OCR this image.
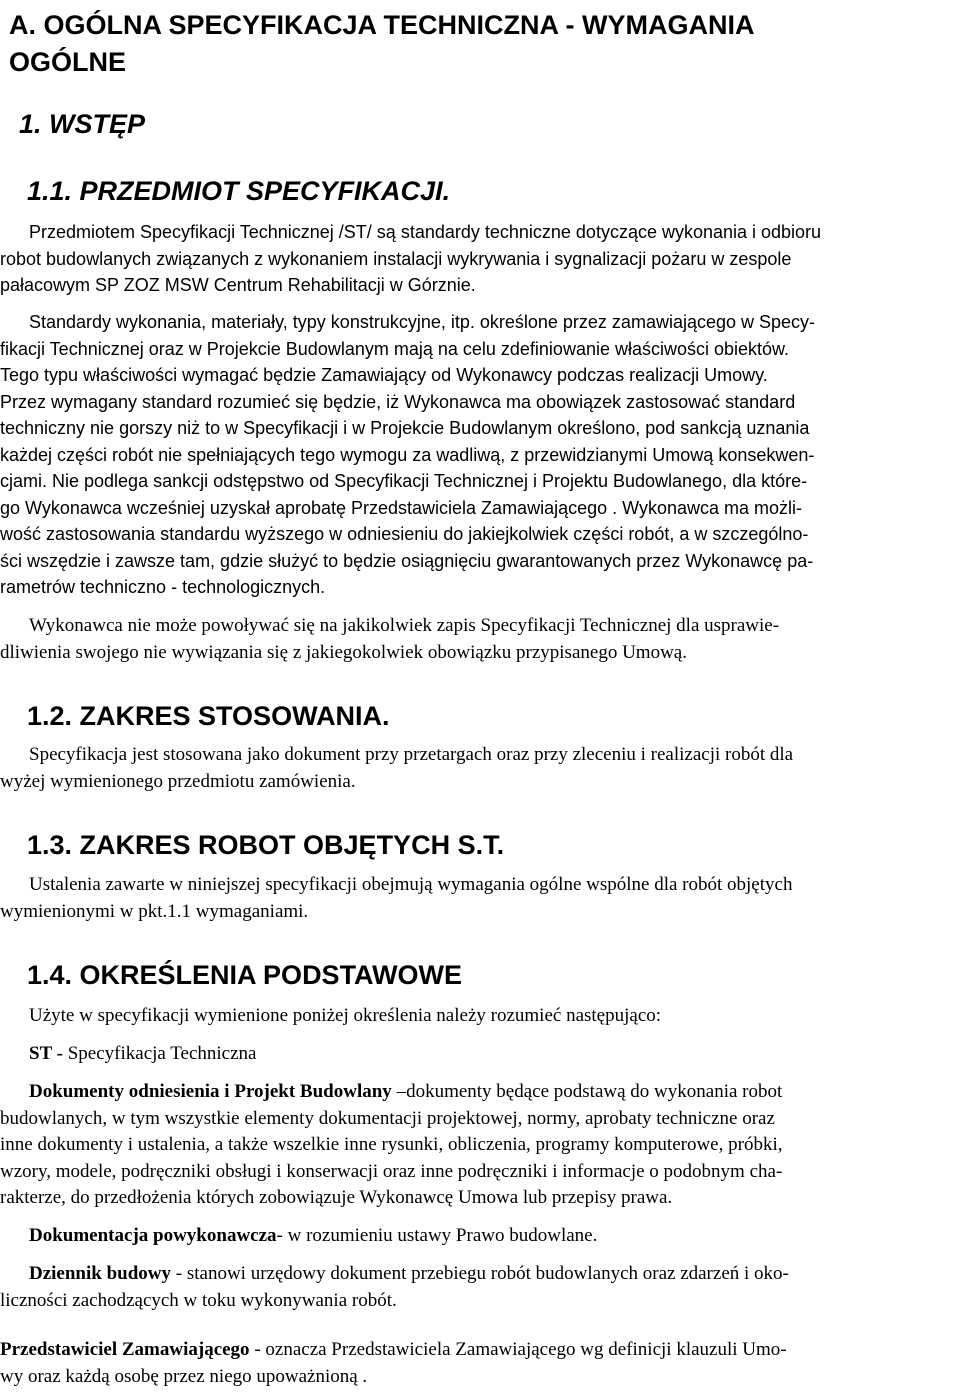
A. OGÓLNA SPECYFIKACJA TECHNICZNA - WYMAGANIA
OGÓLNE
1. WSTĘP
1.1. PRZEDMIOT SPECYFIKACJI.
Przedmiotem Specyfikacji Technicznej /ST/ są standardy techniczne dotyczące wykonania i odbioru
robot budowlanych związanych z wykonaniem instalacji wykrywania i sygnalizacji pożaru w zespole
pałacowym SP ZOZ MSW Centrum Rehabilitacji w Górznie.
Standardy wykonania, materiały, typy konstrukcyjne, itp. określone przez zamawiającego w Specy-
fikacji Technicznej oraz w Projekcie Budowlanym mają na celu zdefiniowanie właściwości obiektów.
Tego typu właściwości wymagać będzie Zamawiający od Wykonawcy podczas realizacji Umowy.
Przez wymagany standard rozumieć się będzie, iż Wykonawca ma obowiązek zastosować standard
techniczny nie gorszy niż to w Specyfikacji i w Projekcie Budowlanym określono, pod sankcją uznania
każdej części robót nie spełniających tego wymogu za wadliwą, z przewidzianymi Umową konsekwen-
cjami. Nie podlega sankcji odstępstwo od Specyfikacji Technicznej i Projektu Budowlanego, dla które-
go Wykonawca wcześniej uzyskał aprobatę Przedstawiciela Zamawiającego . Wykonawca ma możli-
wość zastosowania standardu wyższego w odniesieniu do jakiejkolwiek części robót, a w szczególno-
ści wszędzie i zawsze tam, gdzie służyć to będzie osiągnięciu gwarantowanych przez Wykonawcę pa-
rametrów techniczno - technologicznych.
Wykonawca nie może powoływać się na jakikolwiek zapis Specyfikacji Technicznej dla usprawie-
dliwienia swojego nie wywiązania się z jakiegokolwiek obowiązku przypisanego Umową.
1.2. ZAKRES STOSOWANIA.
Specyfikacja jest stosowana jako dokument przy przetargach oraz przy zleceniu i realizacji robót dla
wyżej wymienionego przedmiotu zamówienia.
1.3. ZAKRES ROBOT OBJĘTYCH S.T.
Ustalenia zawarte w niniejszej specyfikacji obejmują wymagania ogólne wspólne dla robót objętych
wymienionymi w pkt.1.1 wymaganiami.
1.4. OKREŚLENIA PODSTAWOWE
Użyte w specyfikacji wymienione poniżej określenia należy rozumieć następująco:
ST - Specyfikacja Techniczna
Dokumenty odniesienia i Projekt Budowlany –dokumenty będące podstawą do wykonania robot
budowlanych, w tym wszystkie elementy dokumentacji projektowej, normy, aprobaty techniczne oraz
inne dokumenty i ustalenia, a także wszelkie inne rysunki, obliczenia, programy komputerowe, próbki,
wzory, modele, podręczniki obsługi i konserwacji oraz inne podręczniki i informacje o podobnym cha-
rakterze, do przedłożenia których zobowiązuje Wykonawcę Umowa lub przepisy prawa.
Dokumentacja powykonawcza- w rozumieniu ustawy Prawo budowlane.
Dziennik budowy - stanowi urzędowy dokument przebiegu robót budowlanych oraz zdarzeń i oko-
liczności zachodzących w toku wykonywania robót.
Przedstawiciel Zamawiającego - oznacza Przedstawiciela Zamawiającego wg definicji klauzuli Umo-
wy oraz każdą osobę przez niego upoważnioną .
